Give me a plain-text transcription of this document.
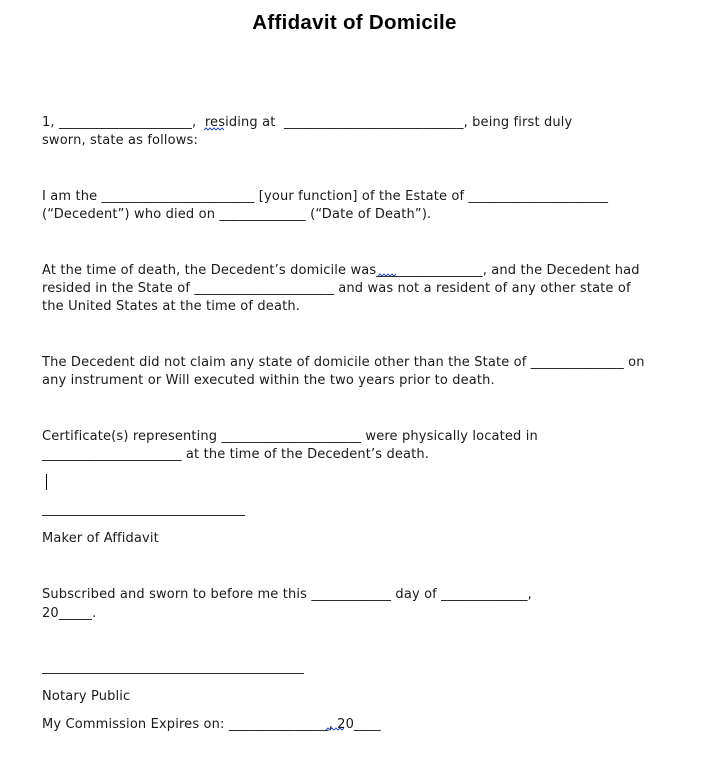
Affidavit of Domicile
1, ____________________,  residing at  ___________________________, being first duly
sworn, state as follows:
I am the _______________________ [your function] of the Estate of _____________________
(“Decedent”) who died on _____________ (“Date of Death”).
At the time of death, the Decedent’s domicile was________________, and the Decedent had
resided in the State of _____________________ and was not a resident of any other state of
the United States at the time of death.
The Decedent did not claim any state of domicile other than the State of ______________ on
any instrument or Will executed within the two years prior to death.
Certificate(s) representing _____________________ were physically located in
_____________________ at the time of the Decedent’s death.
Maker of Affidavit
Subscribed and sworn to before me this ____________ day of _____________,
20_____.
Notary Public
My Commission Expires on: _______________, 20____
